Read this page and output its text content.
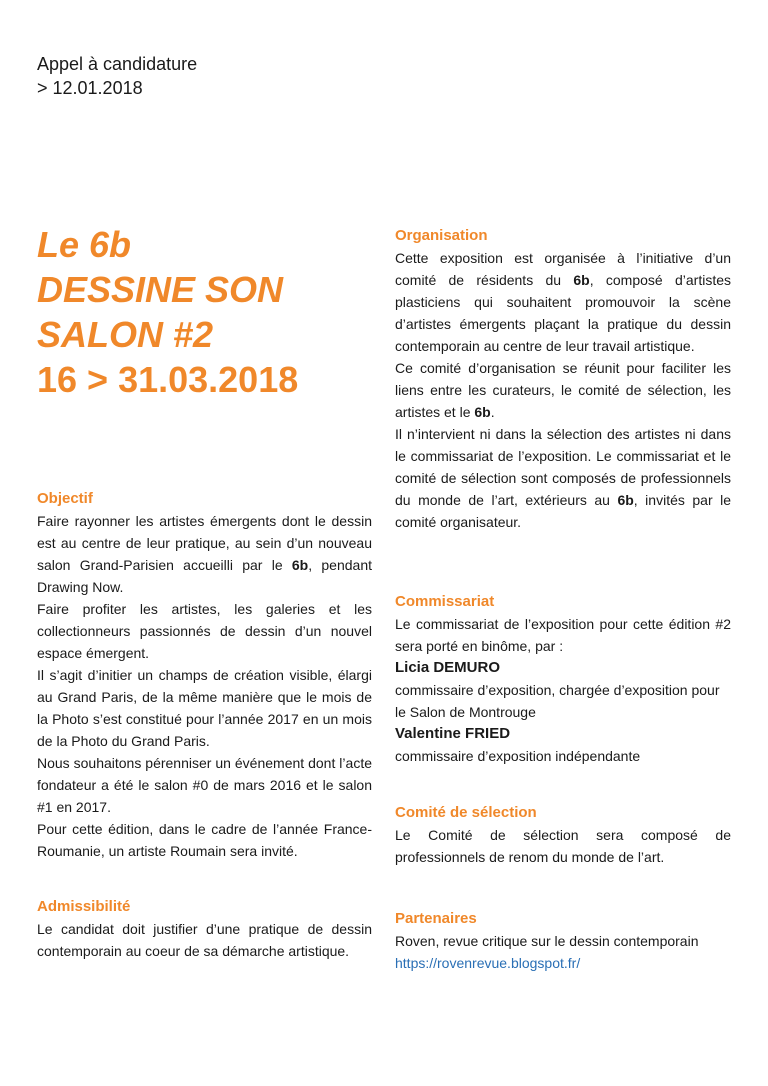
Appel à candidature
> 12.01.2018
Le 6b
DESSINE SON
SALON #2
16 > 31.03.2018
Objectif
Faire rayonner les artistes émergents dont le dessin est au centre de leur pratique, au sein d’un nouveau salon Grand-Parisien accueilli par le 6b, pendant Drawing Now.
Faire profiter les artistes, les galeries et les collectionneurs passionnés de dessin d’un nouvel espace émergent.
Il s’agit d’initier un champs de création visible, élargi au Grand Paris, de la même manière que le mois de la Photo s’est constitué pour l’année 2017 en un mois de la Photo du Grand Paris.
Nous souhaitons pérenniser un événement dont l’acte fondateur a été le salon #0 de mars 2016 et le salon #1 en 2017.
Pour cette édition, dans le cadre de l’année France-Roumanie, un artiste Roumain sera invité.
Admissibilité
Le candidat doit justifier d’une pratique de dessin contemporain au coeur de sa démarche artistique.
Organisation
Cette exposition est organisée à l’initiative d’un comité de résidents du 6b, composé d’artistes plasticiens qui souhaitent promouvoir la scène d’artistes émergents plaçant la pratique du dessin contemporain au centre de leur travail artistique.
Ce comité d’organisation se réunit pour faciliter les liens entre les curateurs, le comité de sélection, les artistes et le 6b.
Il n’intervient ni dans la sélection des artistes ni dans le commissariat de l’exposition. Le commissariat et le comité de sélection sont composés de professionnels du monde de l’art, extérieurs au 6b, invités par le comité organisateur.
Commissariat
Le commissariat de l’exposition pour cette édition #2 sera porté en binôme, par :
Licia DEMURO
commissaire d’exposition, chargée d’exposition pour le Salon de Montrouge
Valentine FRIED
commissaire d’exposition indépendante
Comité de sélection
Le Comité de sélection sera composé de professionnels de renom du monde de l’art.
Partenaires
Roven, revue critique sur le dessin contemporain
https://rovenrevue.blogspot.fr/
